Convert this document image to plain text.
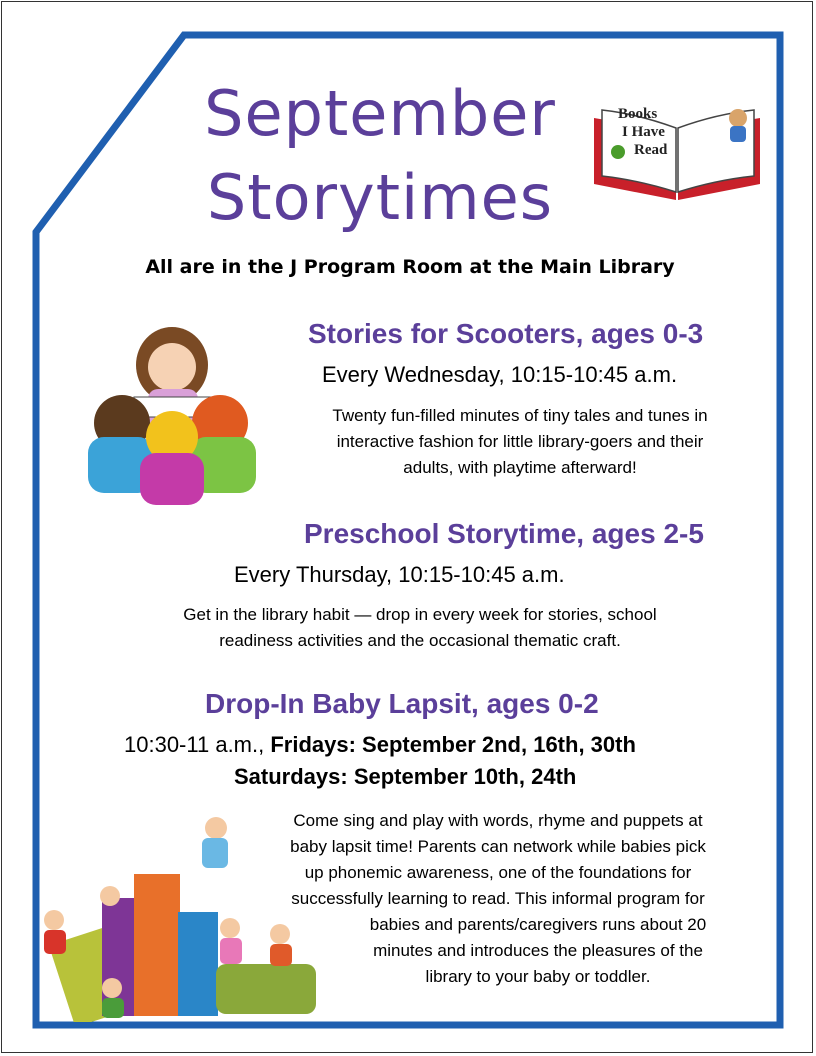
September
Storytimes
Books
I Have
Read
All are in the J Program Room at the Main Library
Stories for Scooters, ages 0-3
Every Wednesday, 10:15-10:45 a.m.
Twenty fun-filled minutes of tiny tales and tunes in
interactive fashion for little library-goers and their
adults, with playtime afterward!
Preschool Storytime, ages 2-5
Every Thursday, 10:15-10:45 a.m.
Get in the library habit — drop in every week for stories, school
readiness activities and the occasional thematic craft.
Drop-In Baby Lapsit, ages 0-2
10:30-11 a.m., Fridays: September 2nd, 16th, 30th
Saturdays: September 10th, 24th
Come sing and play with words, rhyme and puppets at
baby lapsit time! Parents can network while babies pick
up phonemic awareness, one of the foundations for
successfully learning to read. This informal program for
babies and parents/caregivers runs about 20
minutes and introduces the pleasures of the
library to your baby or toddler.
